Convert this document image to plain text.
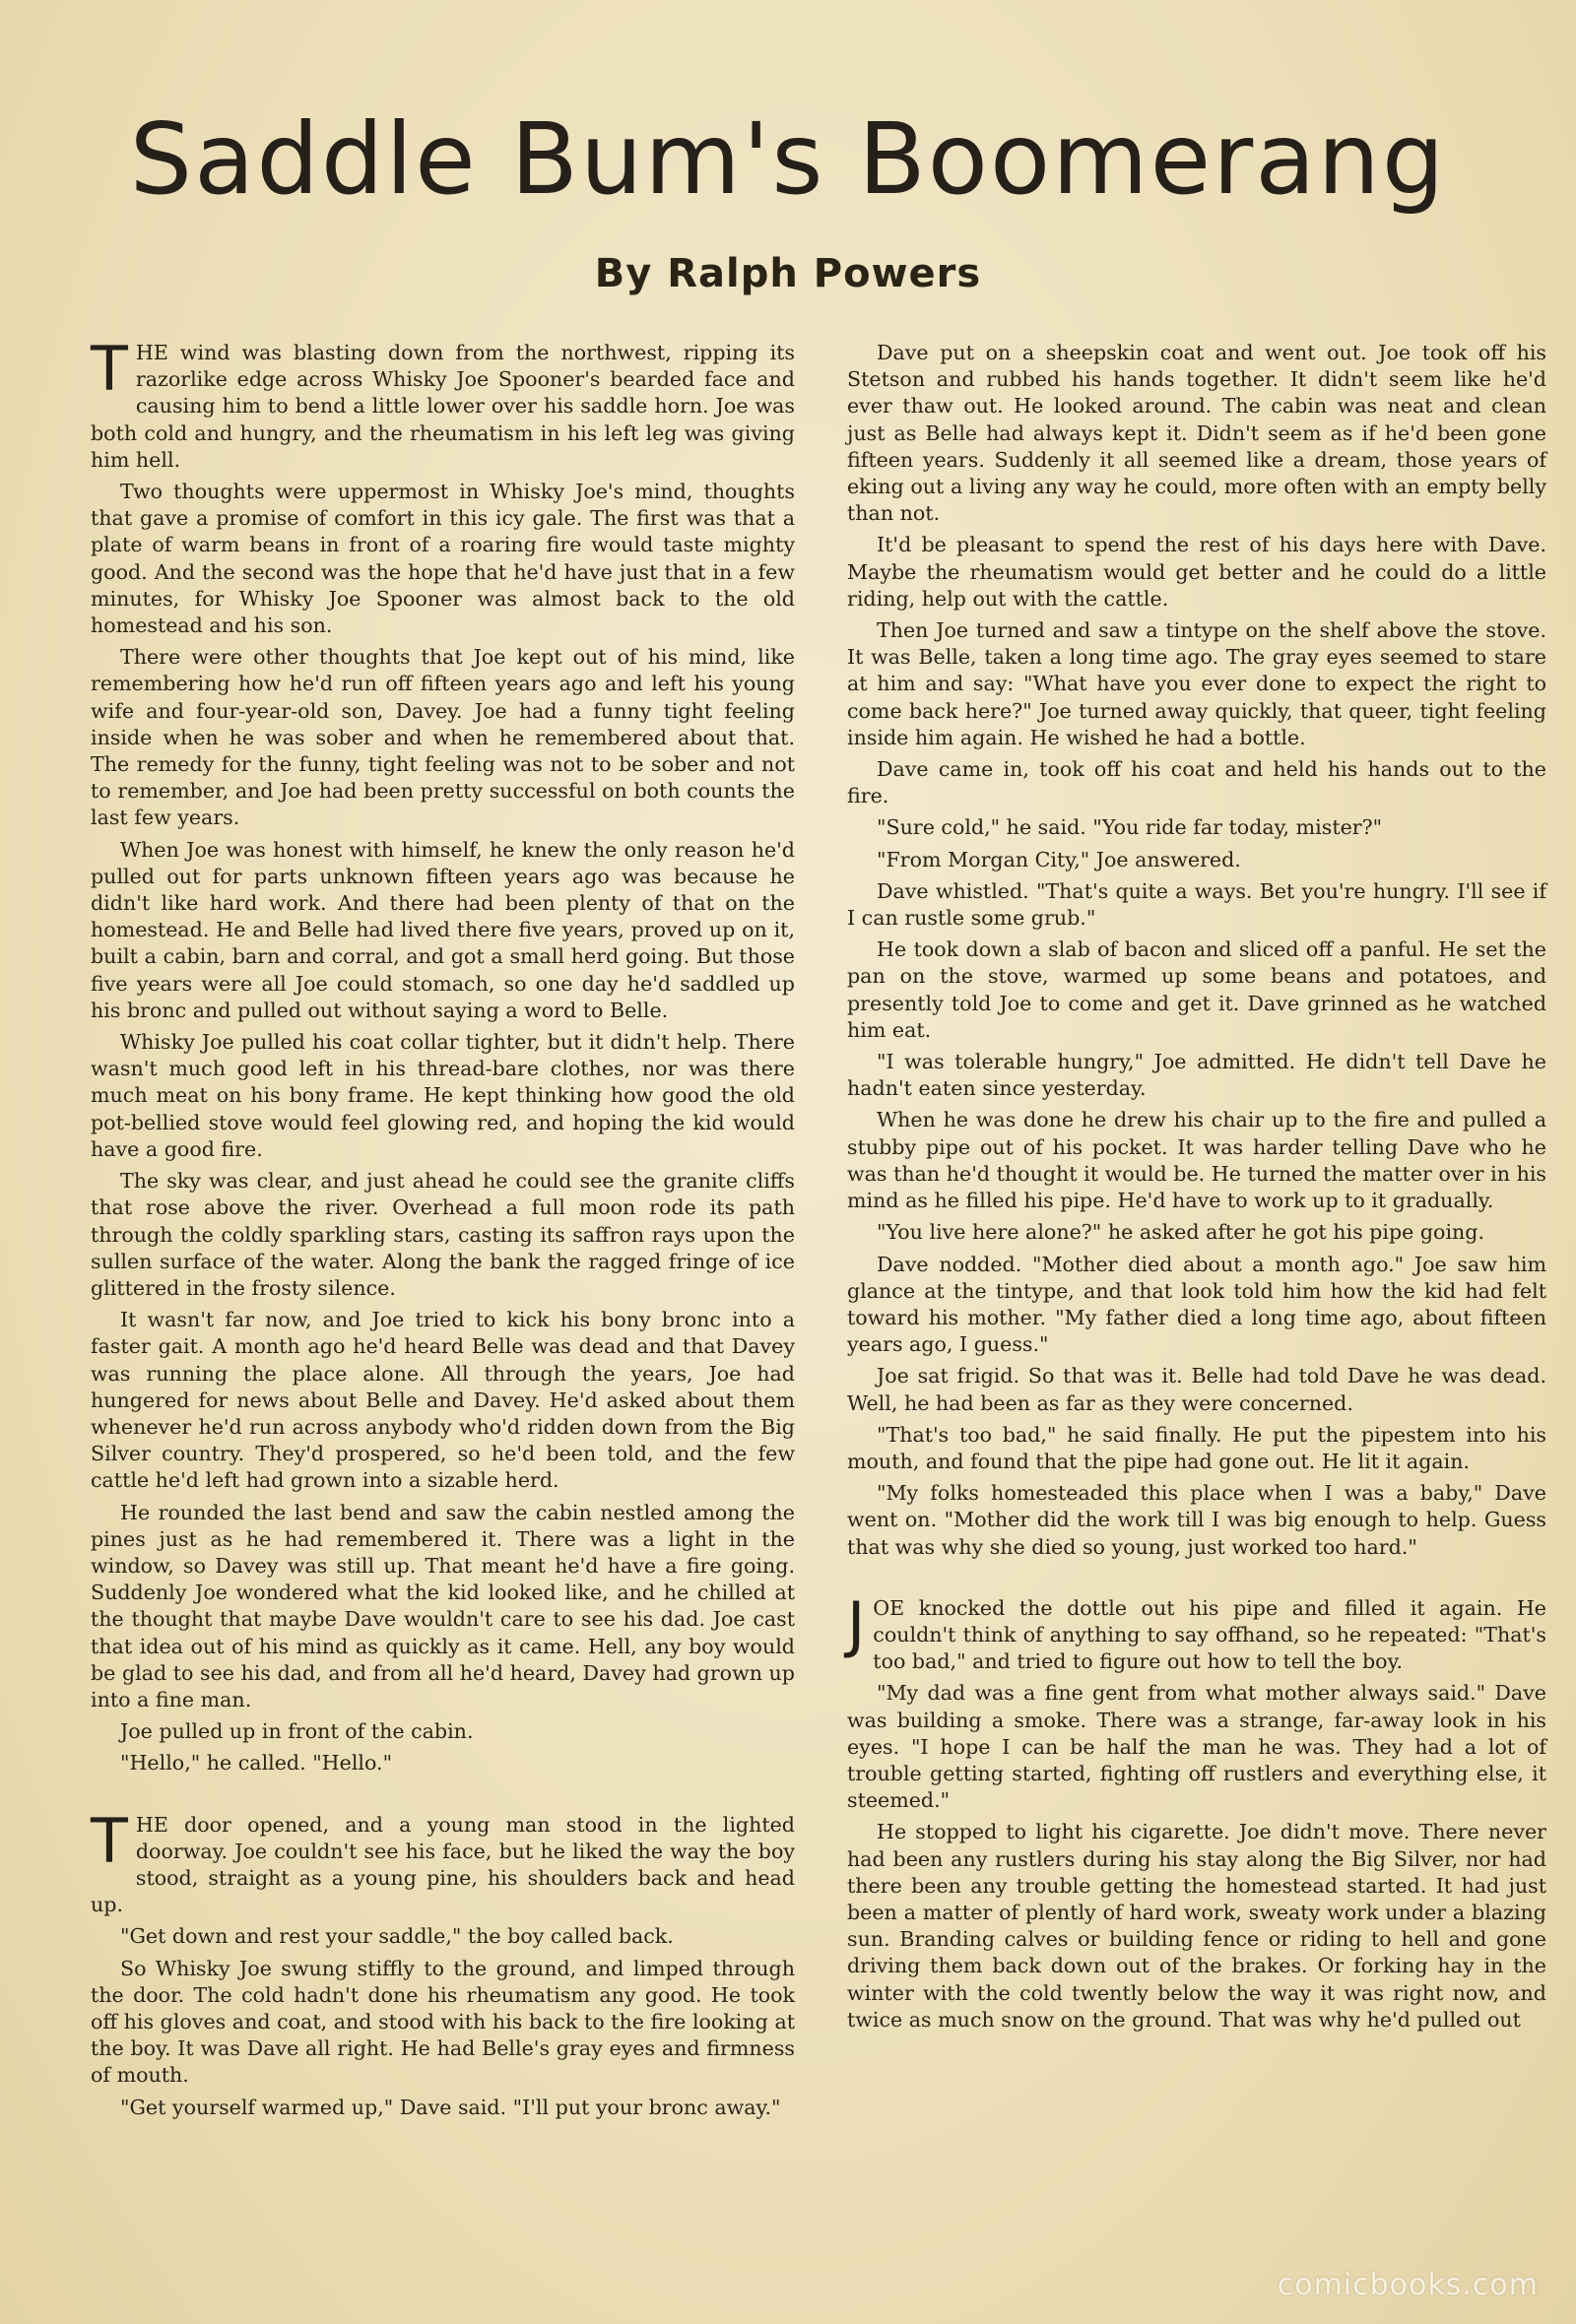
Saddle Bum's Boomerang
By Ralph Powers

THE wind was blasting down from the northwest, ripping its razorlike edge across Whisky Joe Spooner's bearded face and causing him to bend a little lower over his saddle horn. Joe was both cold and hungry, and the rheumatism in his left leg was giving him hell.

Two thoughts were uppermost in Whisky Joe's mind, thoughts that gave a promise of comfort in this icy gale. The first was that a plate of warm beans in front of a roaring fire would taste mighty good. And the second was the hope that he'd have just that in a few minutes, for Whisky Joe Spooner was almost back to the old homestead and his son.

There were other thoughts that Joe kept out of his mind, like remembering how he'd run off fifteen years ago and left his young wife and four-year-old son, Davey. Joe had a funny tight feeling inside when he was sober and when he remembered about that. The remedy for the funny, tight feeling was not to be sober and not to remember, and Joe had been pretty successful on both counts the last few years.

When Joe was honest with himself, he knew the only reason he'd pulled out for parts unknown fifteen years ago was because he didn't like hard work. And there had been plenty of that on the homestead. He and Belle had lived there five years, proved up on it, built a cabin, barn and corral, and got a small herd going. But those five years were all Joe could stomach, so one day he'd saddled up his bronc and pulled out without saying a word to Belle.

Whisky Joe pulled his coat collar tighter, but it didn't help. There wasn't much good left in his thread-bare clothes, nor was there much meat on his bony frame. He kept thinking how good the old pot-bellied stove would feel glowing red, and hoping the kid would have a good fire.

The sky was clear, and just ahead he could see the granite cliffs that rose above the river. Overhead a full moon rode its path through the coldly sparkling stars, casting its saffron rays upon the sullen surface of the water. Along the bank the ragged fringe of ice glittered in the frosty silence.

It wasn't far now, and Joe tried to kick his bony bronc into a faster gait. A month ago he'd heard Belle was dead and that Davey was running the place alone. All through the years, Joe had hungered for news about Belle and Davey. He'd asked about them whenever he'd run across anybody who'd ridden down from the Big Silver country. They'd prospered, so he'd been told, and the few cattle he'd left had grown into a sizable herd.

He rounded the last bend and saw the cabin nestled among the pines just as he had remembered it. There was a light in the window, so Davey was still up. That meant he'd have a fire going. Suddenly Joe wondered what the kid looked like, and he chilled at the thought that maybe Dave wouldn't care to see his dad. Joe cast that idea out of his mind as quickly as it came. Hell, any boy would be glad to see his dad, and from all he'd heard, Davey had grown up into a fine man.

Joe pulled up in front of the cabin.

"Hello," he called. "Hello."

THE door opened, and a young man stood in the lighted doorway. Joe couldn't see his face, but he liked the way the boy stood, straight as a young pine, his shoulders back and head up.

"Get down and rest your saddle," the boy called back.

So Whisky Joe swung stiffly to the ground, and limped through the door. The cold hadn't done his rheumatism any good. He took off his gloves and coat, and stood with his back to the fire looking at the boy. It was Dave all right. He had Belle's gray eyes and firmness of mouth.

"Get yourself warmed up," Dave said. "I'll put your bronc away."

Dave put on a sheepskin coat and went out. Joe took off his Stetson and rubbed his hands together. It didn't seem like he'd ever thaw out. He looked around. The cabin was neat and clean just as Belle had always kept it. Didn't seem as if he'd been gone fifteen years. Suddenly it all seemed like a dream, those years of eking out a living any way he could, more often with an empty belly than not.

It'd be pleasant to spend the rest of his days here with Dave. Maybe the rheumatism would get better and he could do a little riding, help out with the cattle.

Then Joe turned and saw a tintype on the shelf above the stove. It was Belle, taken a long time ago. The gray eyes seemed to stare at him and say: "What have you ever done to expect the right to come back here?" Joe turned away quickly, that queer, tight feeling inside him again. He wished he had a bottle.

Dave came in, took off his coat and held his hands out to the fire.

"Sure cold," he said. "You ride far today, mister?"

"From Morgan City," Joe answered.

Dave whistled. "That's quite a ways. Bet you're hungry. I'll see if I can rustle some grub."

He took down a slab of bacon and sliced off a panful. He set the pan on the stove, warmed up some beans and potatoes, and presently told Joe to come and get it. Dave grinned as he watched him eat.

"I was tolerable hungry," Joe admitted. He didn't tell Dave he hadn't eaten since yesterday.

When he was done he drew his chair up to the fire and pulled a stubby pipe out of his pocket. It was harder telling Dave who he was than he'd thought it would be. He turned the matter over in his mind as he filled his pipe. He'd have to work up to it gradually.

"You live here alone?" he asked after he got his pipe going.

Dave nodded. "Mother died about a month ago." Joe saw him glance at the tintype, and that look told him how the kid had felt toward his mother. "My father died a long time ago, about fifteen years ago, I guess."

Joe sat frigid. So that was it. Belle had told Dave he was dead. Well, he had been as far as they were concerned.

"That's too bad," he said finally. He put the pipestem into his mouth, and found that the pipe had gone out. He lit it again.

"My folks homesteaded this place when I was a baby," Dave went on. "Mother did the work till I was big enough to help. Guess that was why she died so young, just worked too hard."

JOE knocked the dottle out his pipe and filled it again. He couldn't think of anything to say offhand, so he repeated: "That's too bad," and tried to figure out how to tell the boy.

"My dad was a fine gent from what mother always said." Dave was building a smoke. There was a strange, far-away look in his eyes. "I hope I can be half the man he was. They had a lot of trouble getting started, fighting off rustlers and everything else, it steemed."

He stopped to light his cigarette. Joe didn't move. There never had been any rustlers during his stay along the Big Silver, nor had there been any trouble getting the homestead started. It had just been a matter of plently of hard work, sweaty work under a blazing sun. Branding calves or building fence or riding to hell and gone driving them back down out of the brakes. Or forking hay in the winter with the cold twently below the way it was right now, and twice as much snow on the ground. That was why he'd pulled out

comicbooks.com
